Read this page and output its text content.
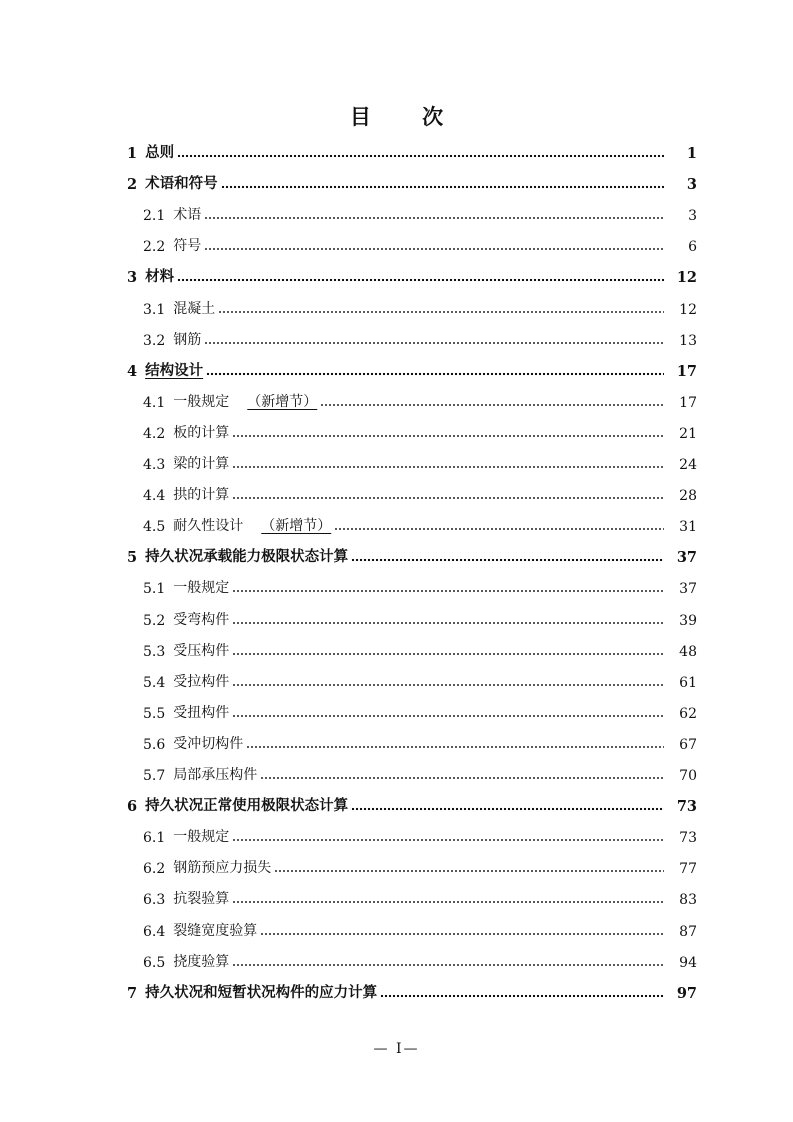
目 次
1 总则	1
2 术语和符号	3
2.1 术语	3
2.2 符号	6
3 材料	12
3.1 混凝土	12
3.2 钢筋	13
4 结构设计	17
4.1 一般规定 （新增节）	17
4.2 板的计算	21
4.3 梁的计算	24
4.4 拱的计算	28
4.5 耐久性设计 （新增节）	31
5 持久状况承载能力极限状态计算	37
5.1 一般规定	37
5.2 受弯构件	39
5.3 受压构件	48
5.4 受拉构件	61
5.5 受扭构件	62
5.6 受冲切构件	67
5.7 局部承压构件	70
6 持久状况正常使用极限状态计算	73
6.1 一般规定	73
6.2 钢筋预应力损失	77
6.3 抗裂验算	83
6.4 裂缝宽度验算	87
6.5 挠度验算	94
7 持久状况和短暂状况构件的应力计算	97
— I—
